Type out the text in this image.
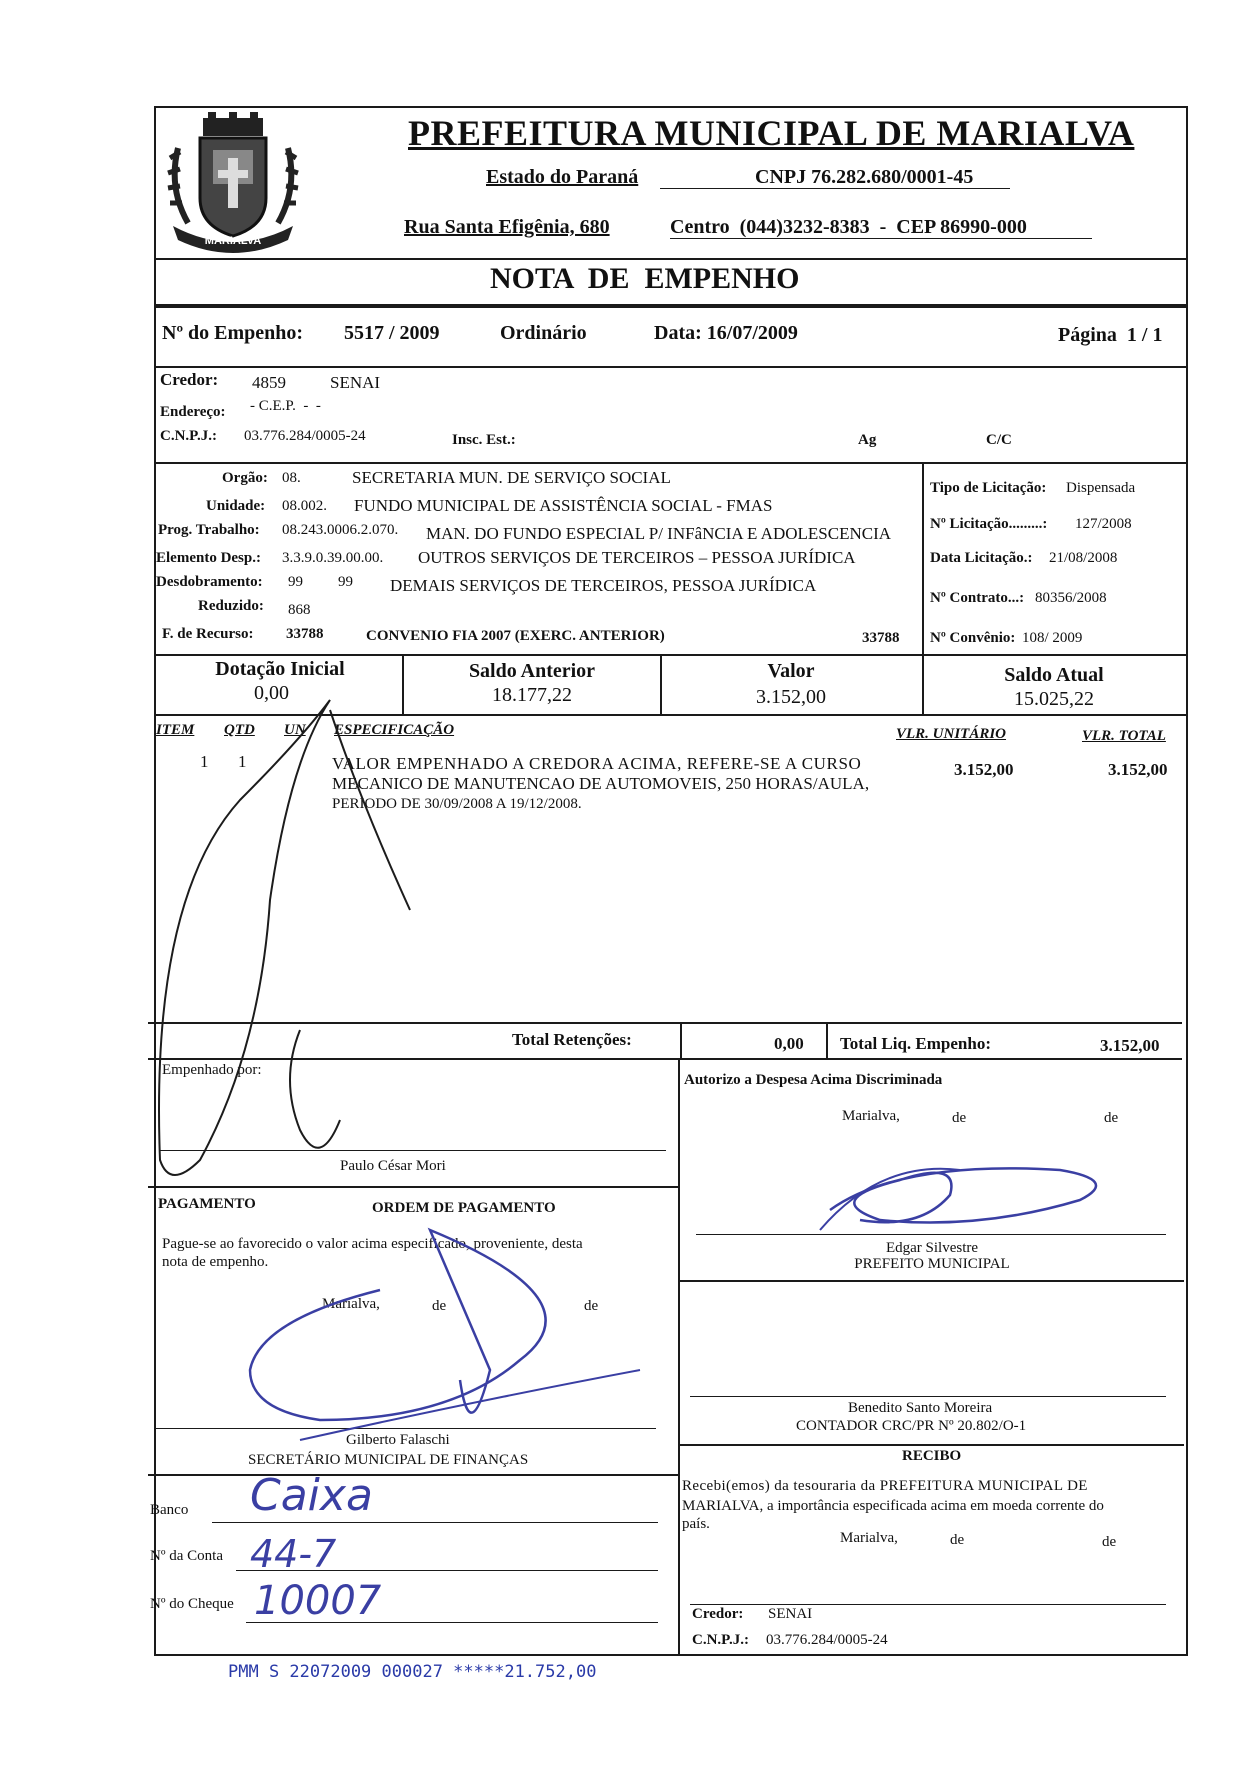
MARIALVA
PREFEITURA MUNICIPAL DE MARIALVA
Estado do Paraná	CNPJ 76.282.680/0001-45
Rua Santa Efigênia, 680	Centro  (044)3232-8383  -  CEP 86990-000
NOTA  DE  EMPENHO
Nº do Empenho: 5517 / 2009	Ordinário	Data: 16/07/2009	Página  1 / 1
Credor: 4859	SENAI
Endereço: - C.E.P.  -  -
C.N.P.J.: 03.776.284/0005-24	Insc. Est.:	Ag	C/C
Orgão: 08.	SECRETARIA MUN. DE SERVIÇO SOCIAL
Unidade: 08.002. FUNDO MUNICIPAL DE ASSISTÊNCIA SOCIAL - FMAS
Prog. Trabalho: 08.243.0006.2.070. MAN. DO FUNDO ESPECIAL P/ INFâNCIA E ADOLESCENCIA
Elemento Desp.: 3.3.9.0.39.00.00. OUTROS SERVIÇOS DE TERCEIROS – PESSOA JURÍDICA
Desdobramento: 99 99 DEMAIS SERVIÇOS DE TERCEIROS, PESSOA JURÍDICA
Reduzido: 868
F. de Recurso: 33788	CONVENIO FIA 2007 (EXERC. ANTERIOR)	33788
Tipo de Licitação: Dispensada
Nº Licitação.........: 127/2008
Data Licitação.: 21/08/2008
Nº Contrato...: 80356/2008
Nº Convênio: 108/ 2009
Dotação Inicial
0,00
Saldo Anterior
18.177,22
Valor
3.152,00
Saldo Atual
15.025,22
ITEM QTD UN ESPECIFICAÇÃO	VLR. UNITÁRIO	VLR. TOTAL
1 1	VALOR EMPENHADO A CREDORA ACIMA, REFERE-SE A CURSO
MECANICO DE MANUTENCAO DE AUTOMOVEIS, 250 HORAS/AULA,
PERIODO DE 30/09/2008 A 19/12/2008.
3.152,00	3.152,00
Total Retenções:	0,00 Total Liq. Empenho:	3.152,00
Empenhado por:
Paulo César Mori
Autorizo a Despesa Acima Discriminada
Marialva,	de	de
Edgar Silvestre
PREFEITO MUNICIPAL
PAGAMENTO	ORDEM DE PAGAMENTO
Pague-se ao favorecido o valor acima especificado, proveniente, desta
nota de empenho.
Marialva,	de	de
Gilberto Falaschi
SECRETÁRIO MUNICIPAL DE FINANÇAS
Benedito Santo Moreira
CONTADOR CRC/PR Nº 20.802/O-1
RECIBO
Recebi(emos) da tesouraria da PREFEITURA MUNICIPAL DE
MARIALVA, a importância especificada acima em moeda corrente do
país.
Marialva,	de	de
Credor: SENAI
C.N.P.J.: 03.776.284/0005-24
Banco Caixa
Nº da Conta 44-7
Nº do Cheque 10007
PMM S 22072009 000027 *****21.752,00
